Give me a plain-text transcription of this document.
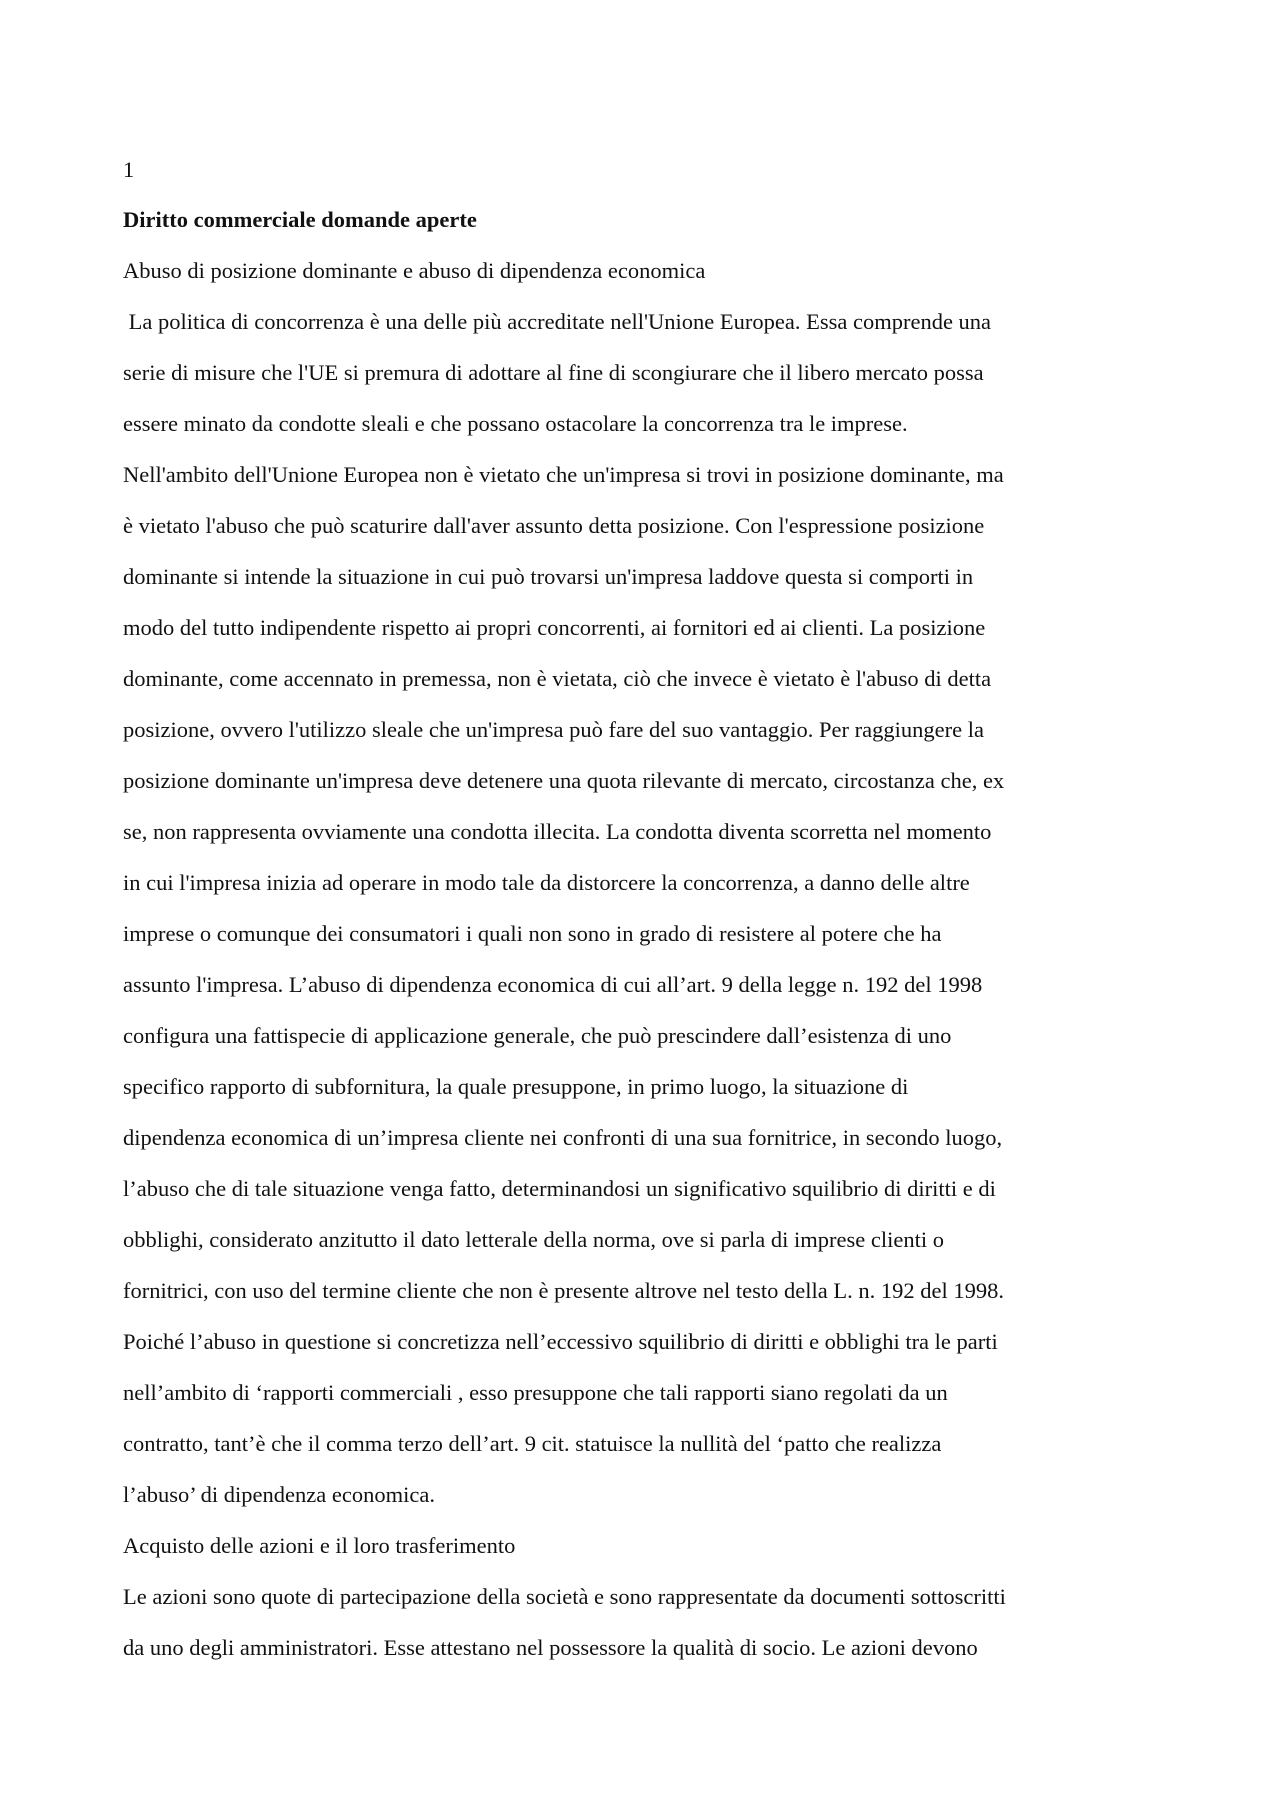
1
Diritto commerciale domande aperte
Abuso di posizione dominante e abuso di dipendenza economica

La politica di concorrenza è una delle più accreditate nell'Unione Europea. Essa comprende una
serie di misure che l'UE si premura di adottare al fine di scongiurare che il libero mercato possa
essere minato da condotte sleali e che possano ostacolare la concorrenza tra le imprese.

Nell'ambito dell'Unione Europea non è vietato che un'impresa si trovi in posizione dominante, ma
è vietato l'abuso che può scaturire dall'aver assunto detta posizione. Con l'espressione posizione
dominante si intende la situazione in cui può trovarsi un'impresa laddove questa si comporti in
modo del tutto indipendente rispetto ai propri concorrenti, ai fornitori ed ai clienti. La posizione
dominante, come accennato in premessa, non è vietata, ciò che invece è vietato è l'abuso di detta
posizione, ovvero l'utilizzo sleale che un'impresa può fare del suo vantaggio. Per raggiungere la
posizione dominante un'impresa deve detenere una quota rilevante di mercato, circostanza che, ex
se, non rappresenta ovviamente una condotta illecita. La condotta diventa scorretta nel momento
in cui l'impresa inizia ad operare in modo tale da distorcere la concorrenza, a danno delle altre
imprese o comunque dei consumatori i quali non sono in grado di resistere al potere che ha
assunto l'impresa. L’abuso di dipendenza economica di cui all’art. 9 della legge n. 192 del 1998
configura una fattispecie di applicazione generale, che può prescindere dall’esistenza di uno
specifico rapporto di subfornitura, la quale presuppone, in primo luogo, la situazione di
dipendenza economica di un’impresa cliente nei confronti di una sua fornitrice, in secondo luogo,
l’abuso che di tale situazione venga fatto, determinandosi un significativo squilibrio di diritti e di
obblighi, considerato anzitutto il dato letterale della norma, ove si parla di imprese clienti o
fornitrici, con uso del termine cliente che non è presente altrove nel testo della L. n. 192 del 1998.

Poiché l’abuso in questione si concretizza nell’eccessivo squilibrio di diritti e obblighi tra le parti
nell’ambito di ‘rapporti commerciali , esso presuppone che tali rapporti siano regolati da un
contratto, tant’è che il comma terzo dell’art. 9 cit. statuisce la nullità del ‘patto che realizza
l’abuso’ di dipendenza economica.

Acquisto delle azioni e il loro trasferimento

Le azioni sono quote di partecipazione della società e sono rappresentate da documenti sottoscritti
da uno degli amministratori. Esse attestano nel possessore la qualità di socio. Le azioni devono
